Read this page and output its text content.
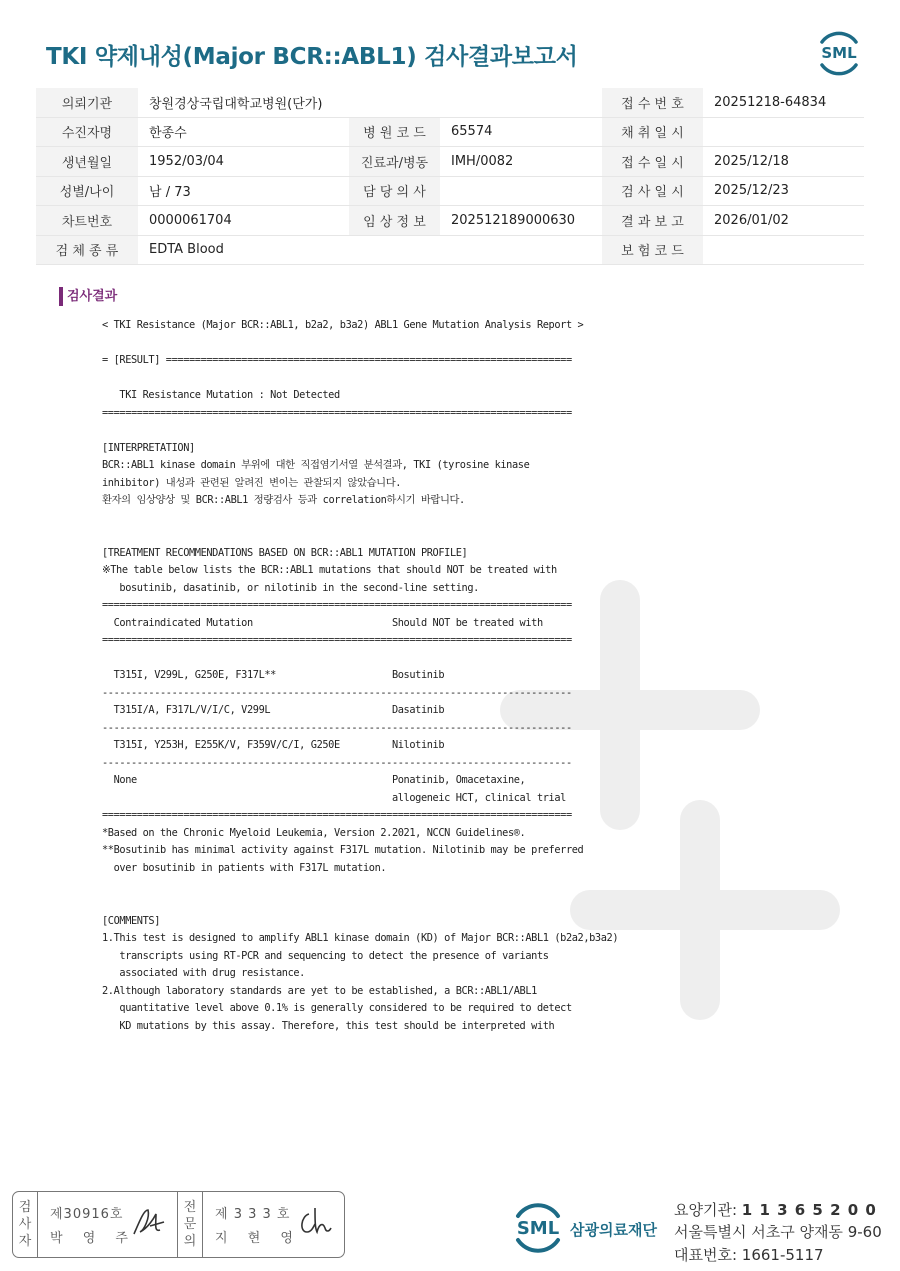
TKI 약제내성(Major BCR::ABL1) 검사결과보고서	SML
의뢰기관	창원경상국립대학교병원(단가)			접 수 번 호	20251218-64834
수진자명	한종수	병 원 코 드	65574	채 취 일 시	
생년월일	1952/03/04	진료과/병동	IMH/0082	접 수 일 시	2025/12/18
성별/나이	남 / 73	담 당 의 사		검 사 일 시	2025/12/23
차트번호	0000061704	임 상 정 보	202512189000630	결 과 보 고	2026/01/02
검 체 종 류	EDTA Blood			보 험 코 드	
검사결과
< TKI Resistance (Major BCR::ABL1, b2a2, b3a2) ABL1 Gene Mutation Analysis Report >
= [RESULT] ======================================================================
TKI Resistance Mutation : Not Detected
=================================================================================
[INTERPRETATION]
BCR::ABL1 kinase domain 부위에 대한 직접염기서열 분석결과, TKI (tyrosine kinase
inhibitor) 내성과 관련된 알려진 변이는 관찰되지 않았습니다.
환자의 임상양상 및 BCR::ABL1 정량검사 등과 correlation하시기 바랍니다.
[TREATMENT RECOMMENDATIONS BASED ON BCR::ABL1 MUTATION PROFILE]
※The table below lists the BCR::ABL1 mutations that should NOT be treated with
bosutinib, dasatinib, or nilotinib in the second-line setting.
=================================================================================
Contraindicated Mutation                        Should NOT be treated with
=================================================================================
T315I, V299L, G250E, F317L**                    Bosutinib
---------------------------------------------------------------------------------
T315I/A, F317L/V/I/C, V299L                     Dasatinib
---------------------------------------------------------------------------------
T315I, Y253H, E255K/V, F359V/C/I, G250E         Nilotinib
---------------------------------------------------------------------------------
None                                            Ponatinib, Omacetaxine,
allogeneic HCT, clinical trial
=================================================================================
*Based on the Chronic Myeloid Leukemia, Version 2.2021, NCCN Guidelines®.
**Bosutinib has minimal activity against F317L mutation. Nilotinib may be preferred
over bosutinib in patients with F317L mutation.
[COMMENTS]
1.This test is designed to amplify ABL1 kinase domain (KD) of Major BCR::ABL1 (b2a2,b3a2)
transcripts using RT-PCR and sequencing to detect the presence of variants
associated with drug resistance.
2.Although laboratory standards are yet to be established, a BCR::ABL1/ABL1
quantitative level above 0.1% is generally considered to be required to detect
KD mutations by this assay. Therefore, this test should be interpreted with
검
사
자
제30916호
박 영 주
전
문
의
제 3 3 3 호
지 현 영	SML 삼광의료재단
요양기관: 1 1 3 6 5 2 0 0
서울특별시 서초구 양재동 9-60
대표번호: 1661-5117
